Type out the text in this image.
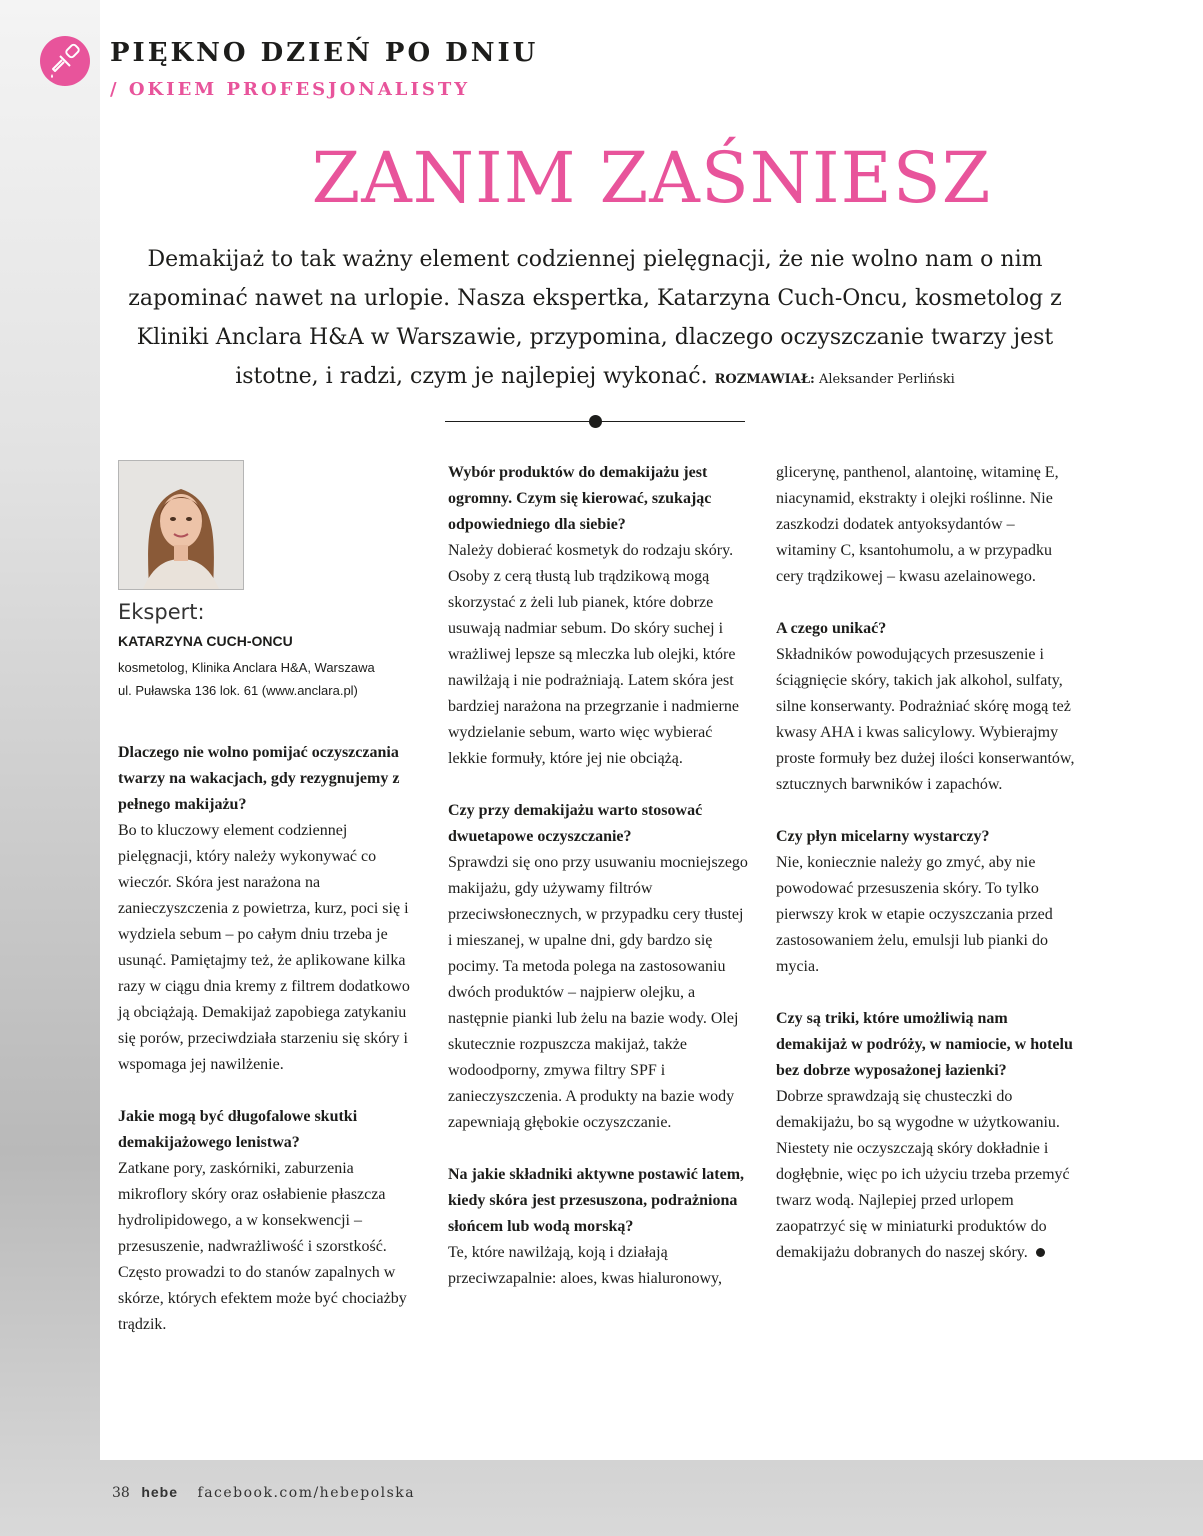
PIĘKNO DZIEŃ PO DNIU
/ OKIEM PROFESJONALISTY
ZANIM ZAŚNIESZ

Demakijaż to tak ważny element codziennej pielęgnacji, że nie wolno nam o nim zapominać nawet na urlopie. Nasza ekspertka, Katarzyna Cuch-Oncu, kosmetolog z Kliniki Anclara H&A w Warszawie, przypomina, dlaczego oczyszczanie twarzy jest istotne, i radzi, czym je najlepiej wykonać. ROZMAWIAŁ: Aleksander Perliński

Ekspert:

KATARZYNA CUCH-ONCU

kosmetolog, Klinika Anclara H&A, Warszawa
ul. Puławska 136 lok. 61 (www.anclara.pl)

Dlaczego nie wolno pomijać oczyszczania twarzy na wakacjach, gdy rezygnujemy z pełnego makijażu?

Bo to kluczowy element codziennej pielęgnacji, który należy wykonywać co wieczór. Skóra jest narażona na zanieczyszczenia z powietrza, kurz, poci się i wydziela sebum – po całym dniu trzeba je usunąć. Pamiętajmy też, że aplikowane kilka razy w ciągu dnia kremy z filtrem dodatkowo ją obciążają. Demakijaż zapobiega zatykaniu się porów, przeciwdziała starzeniu się skóry i wspomaga jej nawilżenie.

Jakie mogą być długofalowe skutki demakijażowego lenistwa?

Zatkane pory, zaskórniki, zaburzenia mikroflory skóry oraz osłabienie płaszcza hydrolipidowego, a w konsekwencji – przesuszenie, nadwrażliwość i szorstkość. Często prowadzi to do stanów zapalnych w skórze, których efektem może być chociażby trądzik.

Wybór produktów do demakijażu jest ogromny. Czym się kierować, szukając odpowiedniego dla siebie?

Należy dobierać kosmetyk do rodzaju skóry. Osoby z cerą tłustą lub trądzikową mogą skorzystać z żeli lub pianek, które dobrze usuwają nadmiar sebum. Do skóry suchej i wrażliwej lepsze są mleczka lub olejki, które nawilżają i nie podrażniają. Latem skóra jest bardziej narażona na przegrzanie i nadmierne wydzielanie sebum, warto więc wybierać lekkie formuły, które jej nie obciążą.

Czy przy demakijażu warto stosować dwuetapowe oczyszczanie?

Sprawdzi się ono przy usuwaniu mocniejszego makijażu, gdy używamy filtrów przeciwsłonecznych, w przypadku cery tłustej i mieszanej, w upalne dni, gdy bardzo się pocimy. Ta metoda polega na zastosowaniu dwóch produktów – najpierw olejku, a następnie pianki lub żelu na bazie wody. Olej skutecznie rozpuszcza makijaż, także wodoodporny, zmywa filtry SPF i zanieczyszczenia. A produkty na bazie wody zapewniają głębokie oczyszczanie.

Na jakie składniki aktywne postawić latem, kiedy skóra jest przesuszona, podrażniona słońcem lub wodą morską?

Te, które nawilżają, koją i działają przeciwzapalnie: aloes, kwas hialuronowy,

glicerynę, panthenol, alantoinę, witaminę E, niacynamid, ekstrakty i olejki roślinne. Nie zaszkodzi dodatek antyoksydantów – witaminy C, ksantohumolu, a w przypadku cery trądzikowej – kwasu azelainowego.

A czego unikać?

Składników powodujących przesuszenie i ściągnięcie skóry, takich jak alkohol, sulfaty, silne konserwanty. Podrażniać skórę mogą też kwasy AHA i kwas salicylowy. Wybierajmy proste formuły bez dużej ilości konserwantów, sztucznych barwników i zapachów.

Czy płyn micelarny wystarczy?

Nie, koniecznie należy go zmyć, aby nie powodować przesuszenia skóry. To tylko pierwszy krok w etapie oczyszczania przed zastosowaniem żelu, emulsji lub pianki do mycia.

Czy są triki, które umożliwią nam demakijaż w podróży, w namiocie, w hotelu bez dobrze wyposażonej łazienki?

Dobrze sprawdzają się chusteczki do demakijażu, bo są wygodne w użytkowaniu. Niestety nie oczyszczają skóry dokładnie i dogłębnie, więc po ich użyciu trzeba przemyć twarz wodą. Najlepiej przed urlopem zaopatrzyć się w miniaturki produktów do demakijażu dobranych do naszej skóry.

38 hebe facebook.com/hebepolska
